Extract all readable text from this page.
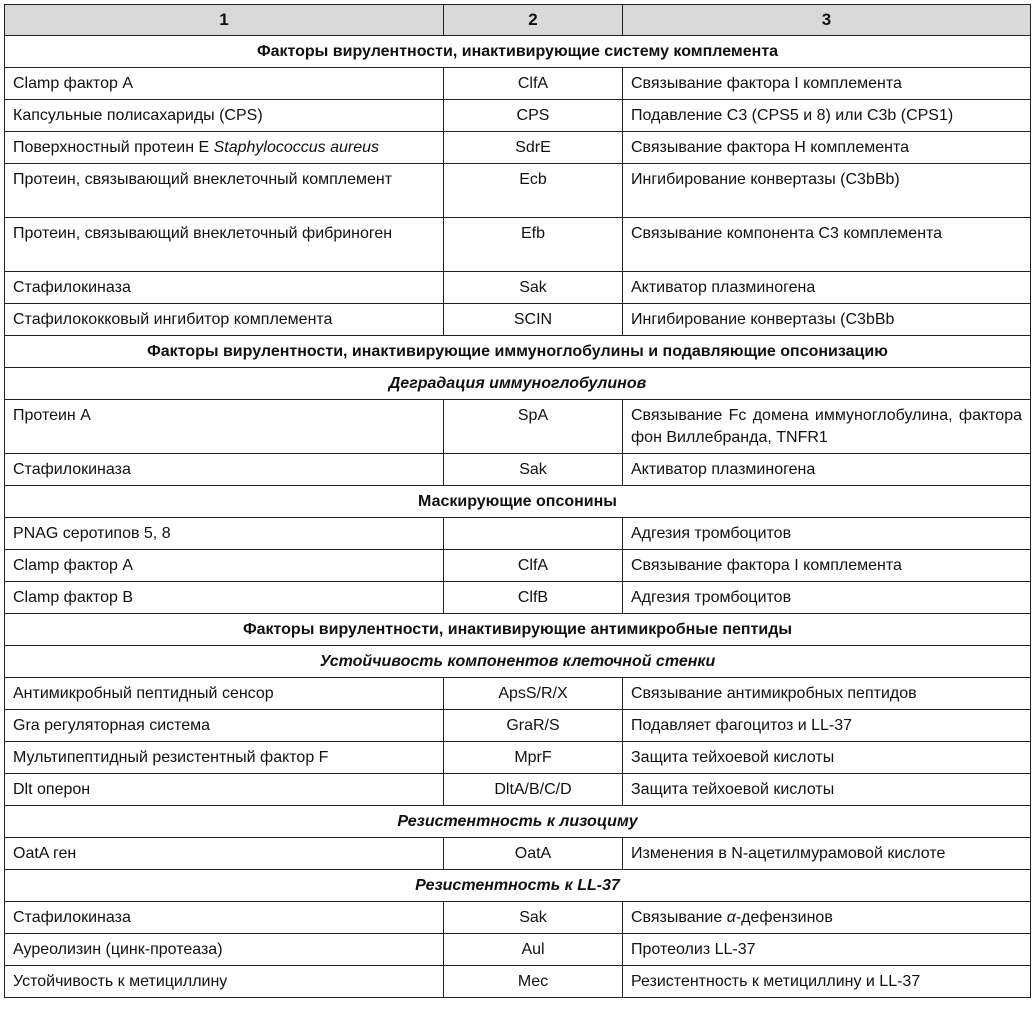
1	2	3
Факторы вирулентности, инактивирующие систему комплемента		
Clamp фактор A	ClfA	Связывание фактора I комплемента
Капсульные полисахариды (CPS)	CPS	Подавление C3 (CPS5 и 8) или C3b (CPS1)
Поверхностный протеин E Staphylococcus aureus	SdrE	Связывание фактора H комплемента
Протеин, связывающий внеклеточный комплемент	Ecb	Ингибирование конвертазы (C3bBb)
Протеин, связывающий внеклеточный фибриноген	Efb	Связывание компонента C3 комплемента
Стафилокиназа	Sak	Активатор плазминогена
Стафилококковый ингибитор комплемента	SCIN	Ингибирование конвертазы (C3bBb
Факторы вирулентности, инактивирующие иммуноглобулины и подавляющие опсонизацию		
Деградация иммуноглобулинов		
Протеин A	SpA	Связывание Fc домена иммуноглобулина, фактора фон Виллебранда, TNFR1
Стафилокиназа	Sak	Активатор плазминогена
Маскирующие опсонины		
PNAG серотипов 5, 8		Адгезия тромбоцитов
Clamp фактор A	ClfA	Связывание фактора I комплемента
Clamp фактор B	ClfB	Адгезия тромбоцитов
Факторы вирулентности, инактивирующие антимикробные пептиды		
Устойчивость компонентов клеточной стенки		
Антимикробный пептидный сенсор	ApsS/R/X	Связывание антимикробных пептидов
Gra регуляторная система	GraR/S	Подавляет фагоцитоз и LL-37
Мультипептидный резистентный фактор F	MprF	Защита тейхоевой кислоты
Dlt оперон	DltA/B/C/D	Защита тейхоевой кислоты
Резистентность к лизоциму		
OatA ген	OatA	Изменения в N-ацетилмурамовой кислоте
Резистентность к LL-37		
Стафилокиназа	Sak	Связывание α-дефензинов
Ауреолизин (цинк-протеаза)	Aul	Протеолиз LL-37
Устойчивость к метициллину	Mec	Резистентность к метициллину и LL-37
